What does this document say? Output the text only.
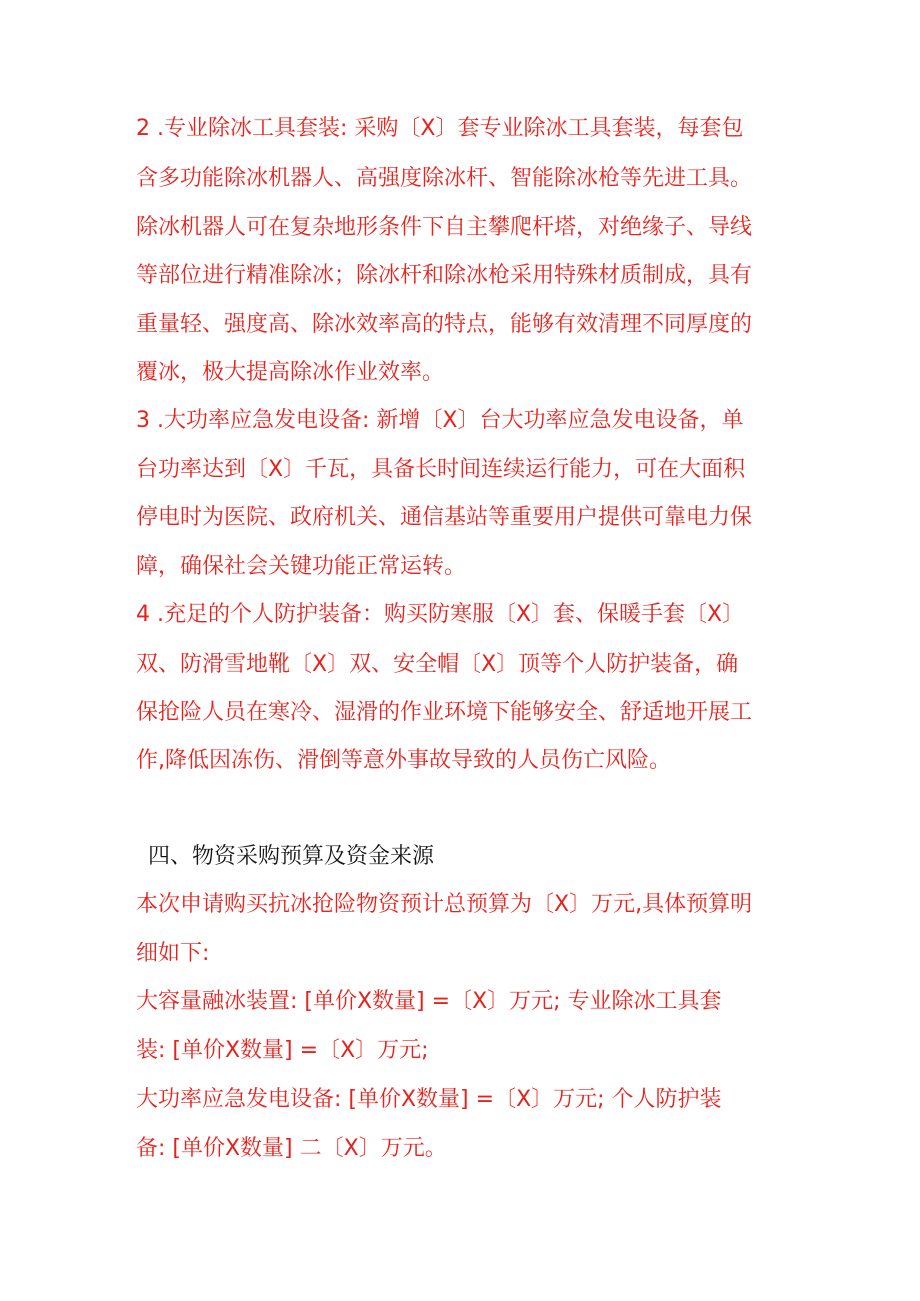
2 .专业除冰工具套装: 采购〔X〕套专业除冰工具套装，每套包
含多功能除冰机器人、高强度除冰杆、智能除冰枪等先进工具。
除冰机器人可在复杂地形条件下自主攀爬杆塔，对绝缘子、导线
等部位进行精准除冰；除冰杆和除冰枪采用特殊材质制成，具有
重量轻、强度高、除冰效率高的特点，能够有效清理不同厚度的
覆冰，极大提高除冰作业效率。
3 .大功率应急发电设备: 新增〔X〕台大功率应急发电设备，单
台功率达到〔X〕千瓦，具备长时间连续运行能力，可在大面积
停电时为医院、政府机关、通信基站等重要用户提供可靠电力保
障，确保社会关键功能正常运转。
4 .充足的个人防护装备：购买防寒服〔X〕套、保暖手套〔X〕
双、防滑雪地靴〔X〕双、安全帽〔X〕顶等个人防护装备，确
保抢险人员在寒冷、湿滑的作业环境下能够安全、舒适地开展工
作,降低因冻伤、滑倒等意外事故导致的人员伤亡风险。
四、物资采购预算及资金来源
本次申请购买抗冰抢险物资预计总预算为〔X〕万元,具体预算明
细如下:
大容量融冰装置: [单价X数量] =〔X〕万元; 专业除冰工具套
装: [单价X数量] =〔X〕万元;
大功率应急发电设备: [单价X数量] =〔X〕万元; 个人防护装
备: [单价X数量] 二〔X〕万元。
